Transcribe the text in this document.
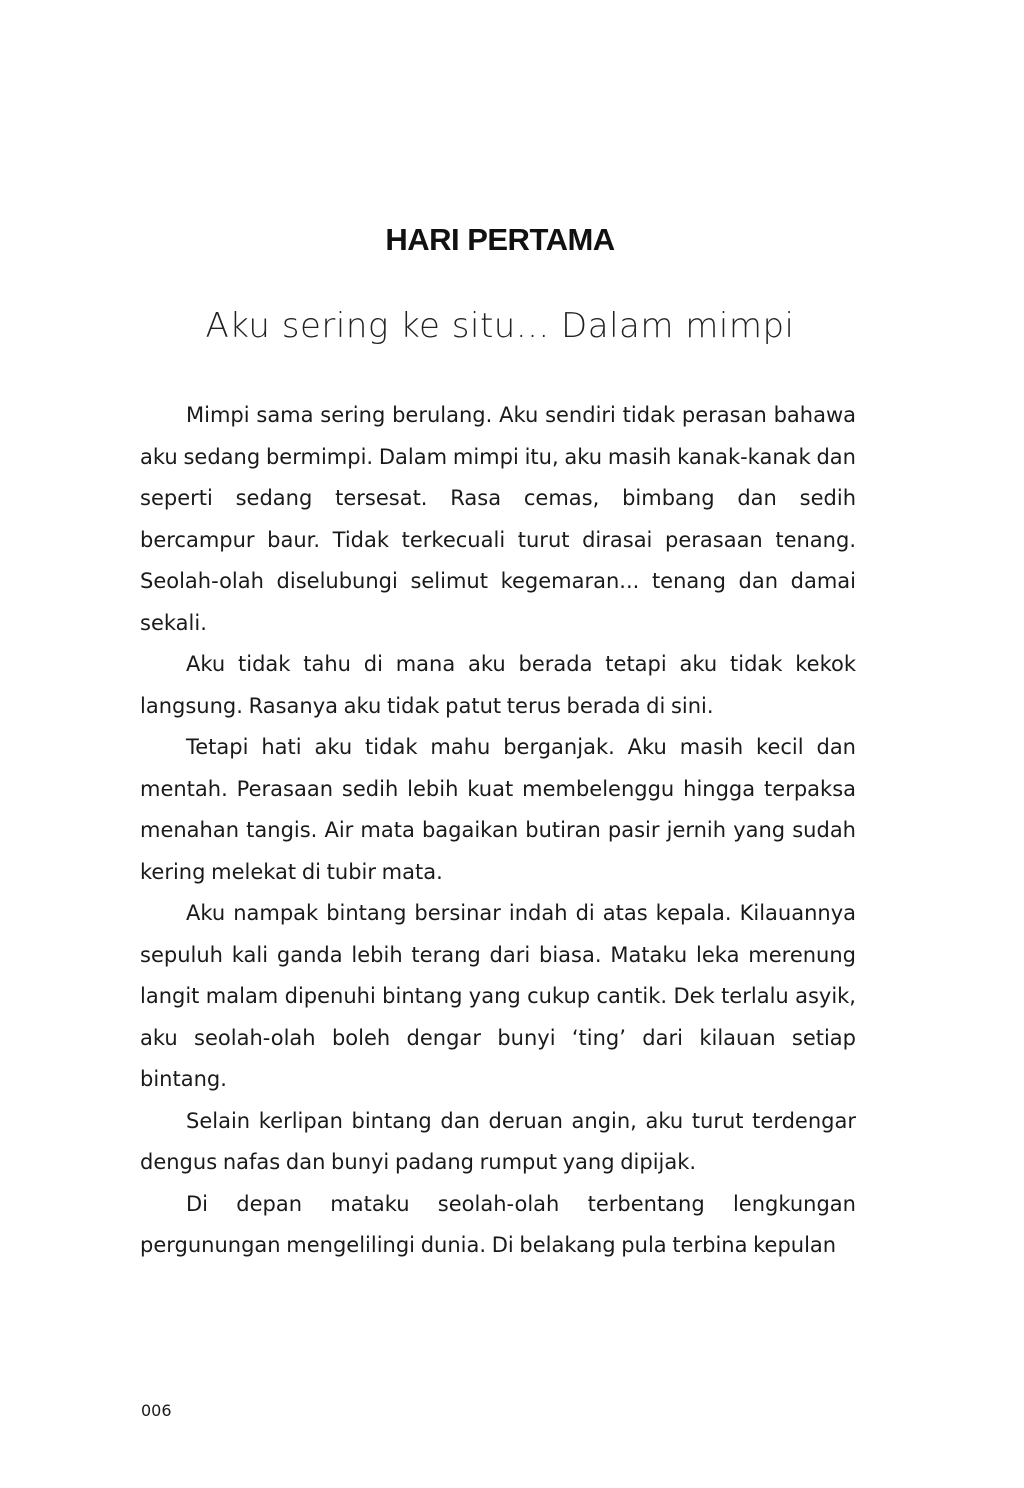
HARI PERTAMA
Aku sering ke situ... Dalam mimpi

Mimpi sama sering berulang. Aku sendiri tidak perasan bahawa aku sedang bermimpi. Dalam mimpi itu, aku masih kanak-kanak dan seperti sedang tersesat. Rasa cemas, bimbang dan sedih bercampur baur. Tidak terkecuali turut dirasai perasaan tenang. Seolah-olah diselubungi selimut kegemaran... tenang dan damai sekali.

Aku tidak tahu di mana aku berada tetapi aku tidak kekok langsung. Rasanya aku tidak patut terus berada di sini.

Tetapi hati aku tidak mahu berganjak. Aku masih kecil dan mentah. Perasaan sedih lebih kuat membelenggu hingga terpaksa menahan tangis. Air mata bagaikan butiran pasir jernih yang sudah kering melekat di tubir mata.

Aku nampak bintang bersinar indah di atas kepala. Kilauannya sepuluh kali ganda lebih terang dari biasa. Mataku leka merenung langit malam dipenuhi bintang yang cukup cantik. Dek terlalu asyik, aku seolah-olah boleh dengar bunyi ‘ting’ dari kilauan setiap bintang.

Selain kerlipan bintang dan deruan angin, aku turut terdengar dengus nafas dan bunyi padang rumput yang dipijak.

Di depan mataku seolah-olah terbentang lengkungan pergunungan mengelilingi dunia. Di belakang pula terbina kepulan

006
